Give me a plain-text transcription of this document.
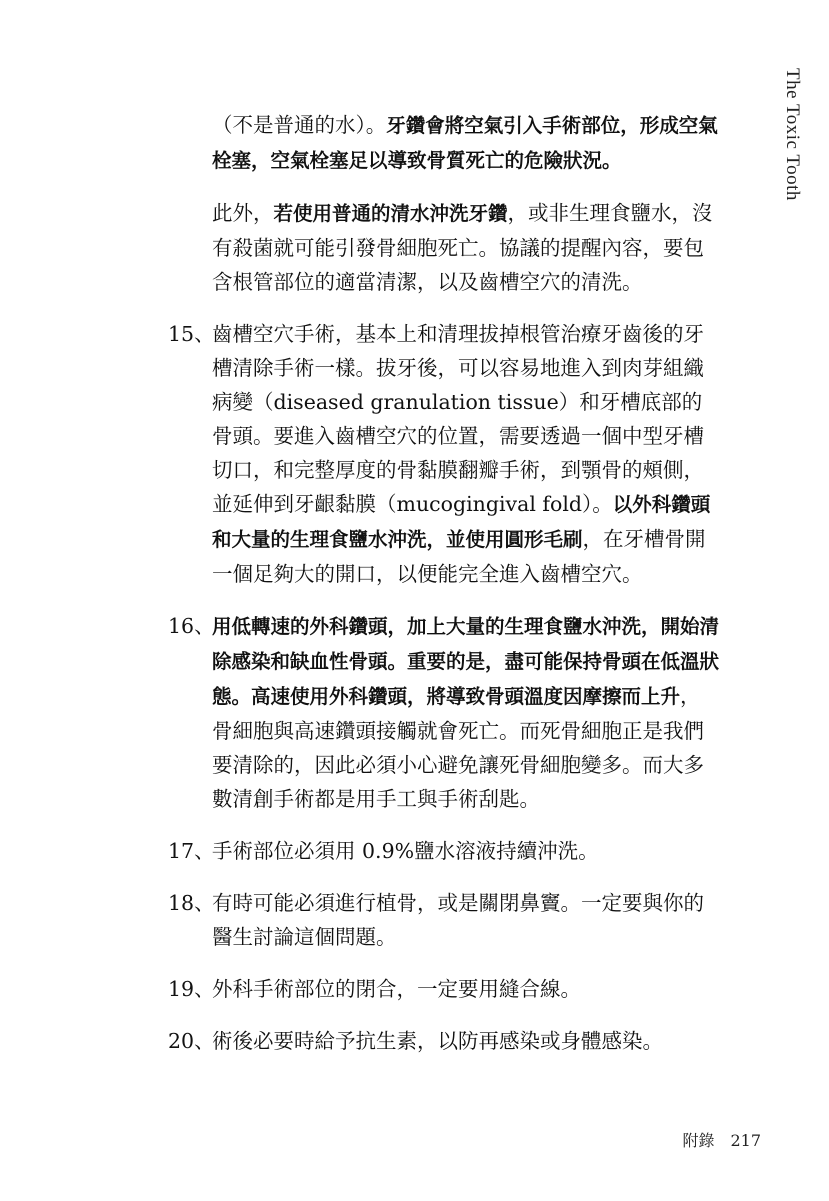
The Toxic Tooth

（不是普通的水）。牙鑽會將空氣引入手術部位，形成空氣栓塞，空氣栓塞足以導致骨質死亡的危險狀況。

此外，若使用普通的清水沖洗牙鑽，或非生理食鹽水，沒有殺菌就可能引發骨細胞死亡。協議的提醒內容，要包含根管部位的適當清潔，以及齒槽空穴的清洗。

15、
齒槽空穴手術，基本上和清理拔掉根管治療牙齒後的牙槽清除手術一樣。拔牙後，可以容易地進入到肉芽組織病變（diseased granulation tissue）和牙槽底部的骨頭。要進入齒槽空穴的位置，需要透過一個中型牙槽切口，和完整厚度的骨黏膜翻瓣手術，到顎骨的頰側，並延伸到牙齦黏膜（mucogingival fold）。以外科鑽頭和大量的生理食鹽水沖洗，並使用圓形毛刷，在牙槽骨開一個足夠大的開口，以便能完全進入齒槽空穴。
16、
用低轉速的外科鑽頭，加上大量的生理食鹽水沖洗，開始清除感染和缺血性骨頭。重要的是，盡可能保持骨頭在低溫狀態。高速使用外科鑽頭，將導致骨頭溫度因摩擦而上升，骨細胞與高速鑽頭接觸就會死亡。而死骨細胞正是我們要清除的，因此必須小心避免讓死骨細胞變多。而大多數清創手術都是用手工與手術刮匙。
17、
手術部位必須用 0.9%鹽水溶液持續沖洗。
18、
有時可能必須進行植骨，或是關閉鼻竇。一定要與你的醫生討論這個問題。
19、
外科手術部位的閉合，一定要用縫合線。
20、
術後必要時給予抗生素，以防再感染或身體感染。
附錄 217
